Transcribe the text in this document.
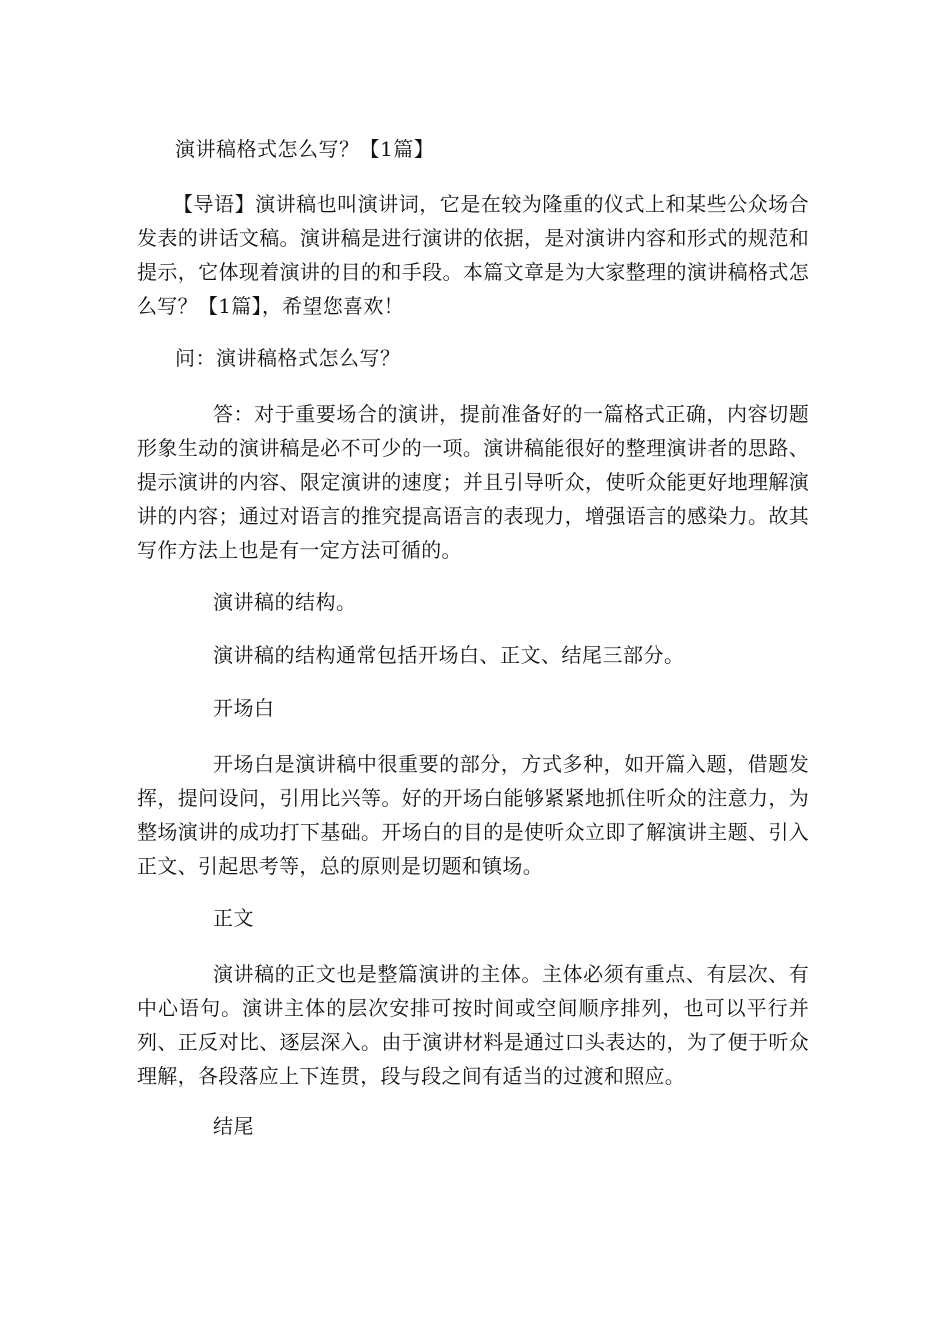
演讲稿格式怎么写？【1篇】

【导语】演讲稿也叫演讲词，它是在较为隆重的仪式上和某些公众场合发表的讲话文稿。演讲稿是进行演讲的依据，是对演讲内容和形式的规范和提示，它体现着演讲的目的和手段。本篇文章是为大家整理的演讲稿格式怎么写？【1篇】，希望您喜欢！

问：演讲稿格式怎么写？

答：对于重要场合的演讲，提前准备好的一篇格式正确，内容切题形象生动的演讲稿是必不可少的一项。演讲稿能很好的整理演讲者的思路、提示演讲的内容、限定演讲的速度；并且引导听众，使听众能更好地理解演讲的内容；通过对语言的推究提高语言的表现力，增强语言的感染力。故其写作方法上也是有一定方法可循的。

演讲稿的结构。
演讲稿的结构通常包括开场白、正文、结尾三部分。
开场白

开场白是演讲稿中很重要的部分，方式多种，如开篇入题，借题发挥，提问设问，引用比兴等。好的开场白能够紧紧地抓住听众的注意力，为整场演讲的成功打下基础。开场白的目的是使听众立即了解演讲主题、引入正文、引起思考等，总的原则是切题和镇场。

正文

演讲稿的正文也是整篇演讲的主体。主体必须有重点、有层次、有中心语句。演讲主体的层次安排可按时间或空间顺序排列，也可以平行并列、正反对比、逐层深入。由于演讲材料是通过口头表达的，为了便于听众理解，各段落应上下连贯，段与段之间有适当的过渡和照应。

结尾
